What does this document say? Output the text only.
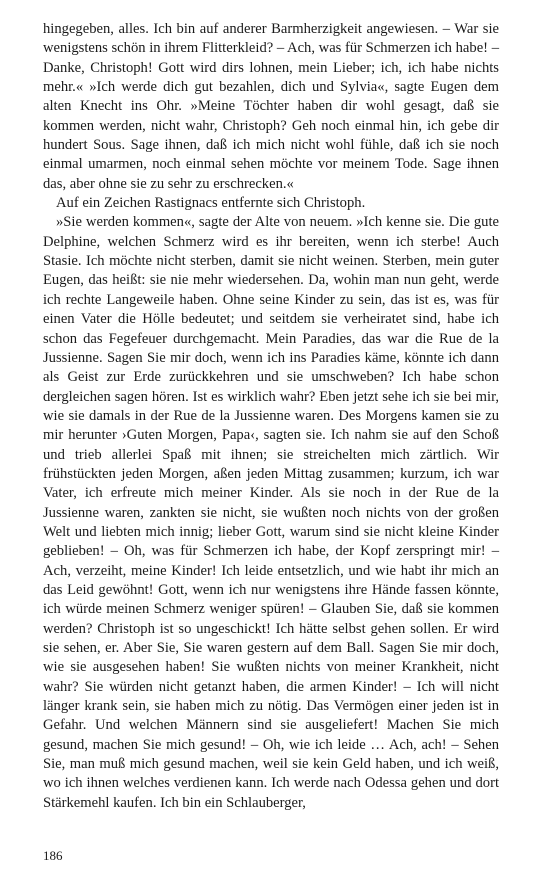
hingegeben, alles. Ich bin auf anderer Barmherzigkeit angewiesen. – War sie wenigstens schön in ihrem Flitterkleid? – Ach, was für Schmerzen ich habe! – Danke, Christoph! Gott wird dirs lohnen, mein Lieber; ich, ich habe nichts mehr.« »Ich werde dich gut bezahlen, dich und Sylvia«, sagte Eugen dem alten Knecht ins Ohr. »Meine Töchter haben dir wohl gesagt, daß sie kommen werden, nicht wahr, Christoph? Geh noch einmal hin, ich gebe dir hundert Sous. Sage ihnen, daß ich mich nicht wohl fühle, daß ich sie noch einmal umarmen, noch einmal sehen möchte vor meinem Tode. Sage ihnen das, aber ohne sie zu sehr zu erschrecken.«

Auf ein Zeichen Rastignacs entfernte sich Christoph.

»Sie werden kommen«, sagte der Alte von neuem. »Ich kenne sie. Die gute Delphine, welchen Schmerz wird es ihr bereiten, wenn ich sterbe! Auch Stasie. Ich möchte nicht sterben, damit sie nicht weinen. Sterben, mein guter Eugen, das heißt: sie nie mehr wiedersehen. Da, wohin man nun geht, werde ich rechte Langeweile haben. Ohne seine Kinder zu sein, das ist es, was für einen Vater die Hölle bedeutet; und seitdem sie verheiratet sind, habe ich schon das Fegefeuer durchgemacht. Mein Paradies, das war die Rue de la Jussienne. Sagen Sie mir doch, wenn ich ins Paradies käme, könnte ich dann als Geist zur Erde zurückkehren und sie umschweben? Ich habe schon dergleichen sagen hören. Ist es wirklich wahr? Eben jetzt sehe ich sie bei mir, wie sie damals in der Rue de la Jussienne waren. Des Morgens kamen sie zu mir herunter ›Guten Morgen, Papa‹, sagten sie. Ich nahm sie auf den Schoß und trieb allerlei Spaß mit ihnen; sie streichelten mich zärtlich. Wir frühstückten jeden Morgen, aßen jeden Mittag zusammen; kurzum, ich war Vater, ich erfreute mich meiner Kinder. Als sie noch in der Rue de la Jussienne waren, zankten sie nicht, sie wußten noch nichts von der großen Welt und liebten mich innig; lieber Gott, warum sind sie nicht kleine Kinder geblieben! – Oh, was für Schmerzen ich habe, der Kopf zerspringt mir! – Ach, verzeiht, meine Kinder! Ich leide entsetzlich, und wie habt ihr mich an das Leid gewöhnt! Gott, wenn ich nur wenigstens ihre Hände fassen könnte, ich würde meinen Schmerz weniger spüren! – Glauben Sie, daß sie kommen werden? Christoph ist so ungeschickt! Ich hätte selbst gehen sollen. Er wird sie sehen, er. Aber Sie, Sie waren gestern auf dem Ball. Sagen Sie mir doch, wie sie ausgesehen haben! Sie wußten nichts von meiner Krankheit, nicht wahr? Sie würden nicht getanzt haben, die armen Kinder! – Ich will nicht länger krank sein, sie haben mich zu nötig. Das Vermögen einer jeden ist in Gefahr. Und welchen Männern sind sie ausgeliefert! Machen Sie mich gesund, machen Sie mich gesund! – Oh, wie ich leide … Ach, ach! – Sehen Sie, man muß mich gesund machen, weil sie kein Geld haben, und ich weiß, wo ich ihnen welches verdienen kann. Ich werde nach Odessa gehen und dort Stärkemehl kaufen. Ich bin ein Schlauberger,

186
